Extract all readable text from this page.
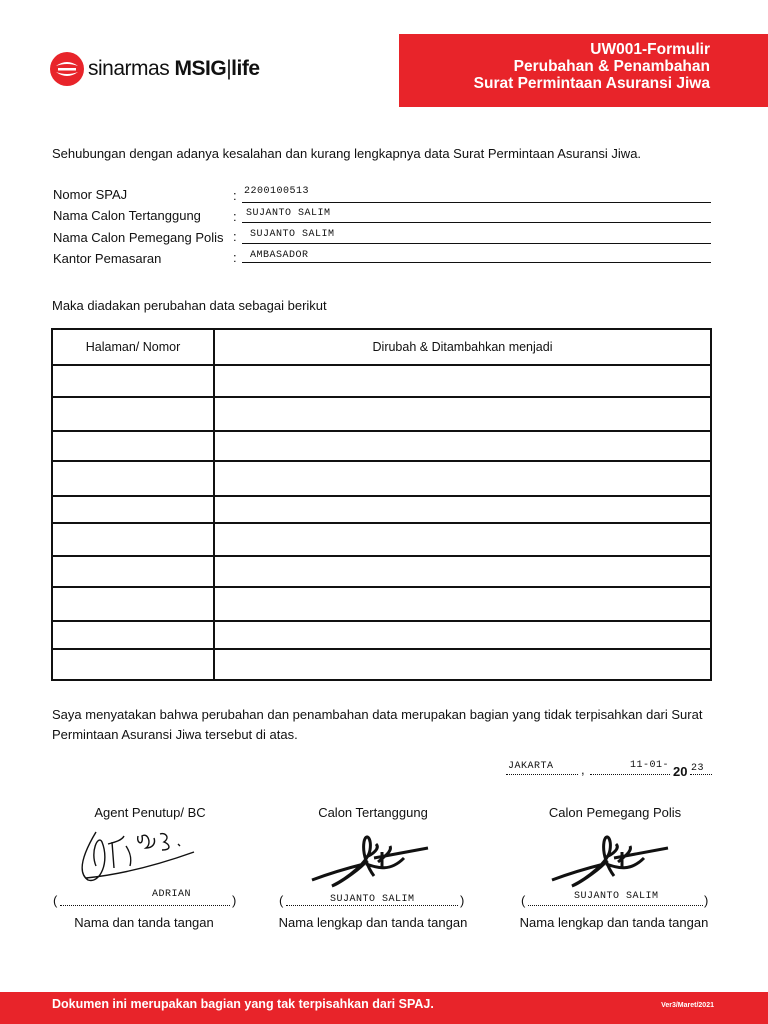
sinarmas MSIG|life
UW001-Formulir
Perubahan & Penambahan
Surat Permintaan Asuransi Jiwa
Sehubungan dengan adanya kesalahan dan kurang lengkapnya data Surat Permintaan Asuransi Jiwa.
Nomor SPAJ	: 2200100513
Nama Calon Tertanggung : SUJANTO SALIM
Nama Calon Pemegang Polis : SUJANTO SALIM
Kantor Pemasaran	: AMBASADOR
Maka diadakan perubahan data sebagai berikut
Halaman/ Nomor	Dirubah & Ditambahkan menjadi

Saya menyatakan bahwa perubahan dan penambahan data merupakan bagian yang tidak terpisahkan dari Surat Permintaan Asuransi Jiwa tersebut di atas.
JAKARTA ,	11-01- 20 23
Agent Penutup/ BC	Calon Tertanggung	Calon Pemegang Polis
(	ADRIAN	)	(	SUJANTO SALIM	)	(	SUJANTO SALIM	)
Nama dan tanda tangan	Nama lengkap dan tanda tangan	Nama lengkap dan tanda tangan
Dokumen ini merupakan bagian yang tak terpisahkan dari SPAJ.	Ver3/Maret/2021
